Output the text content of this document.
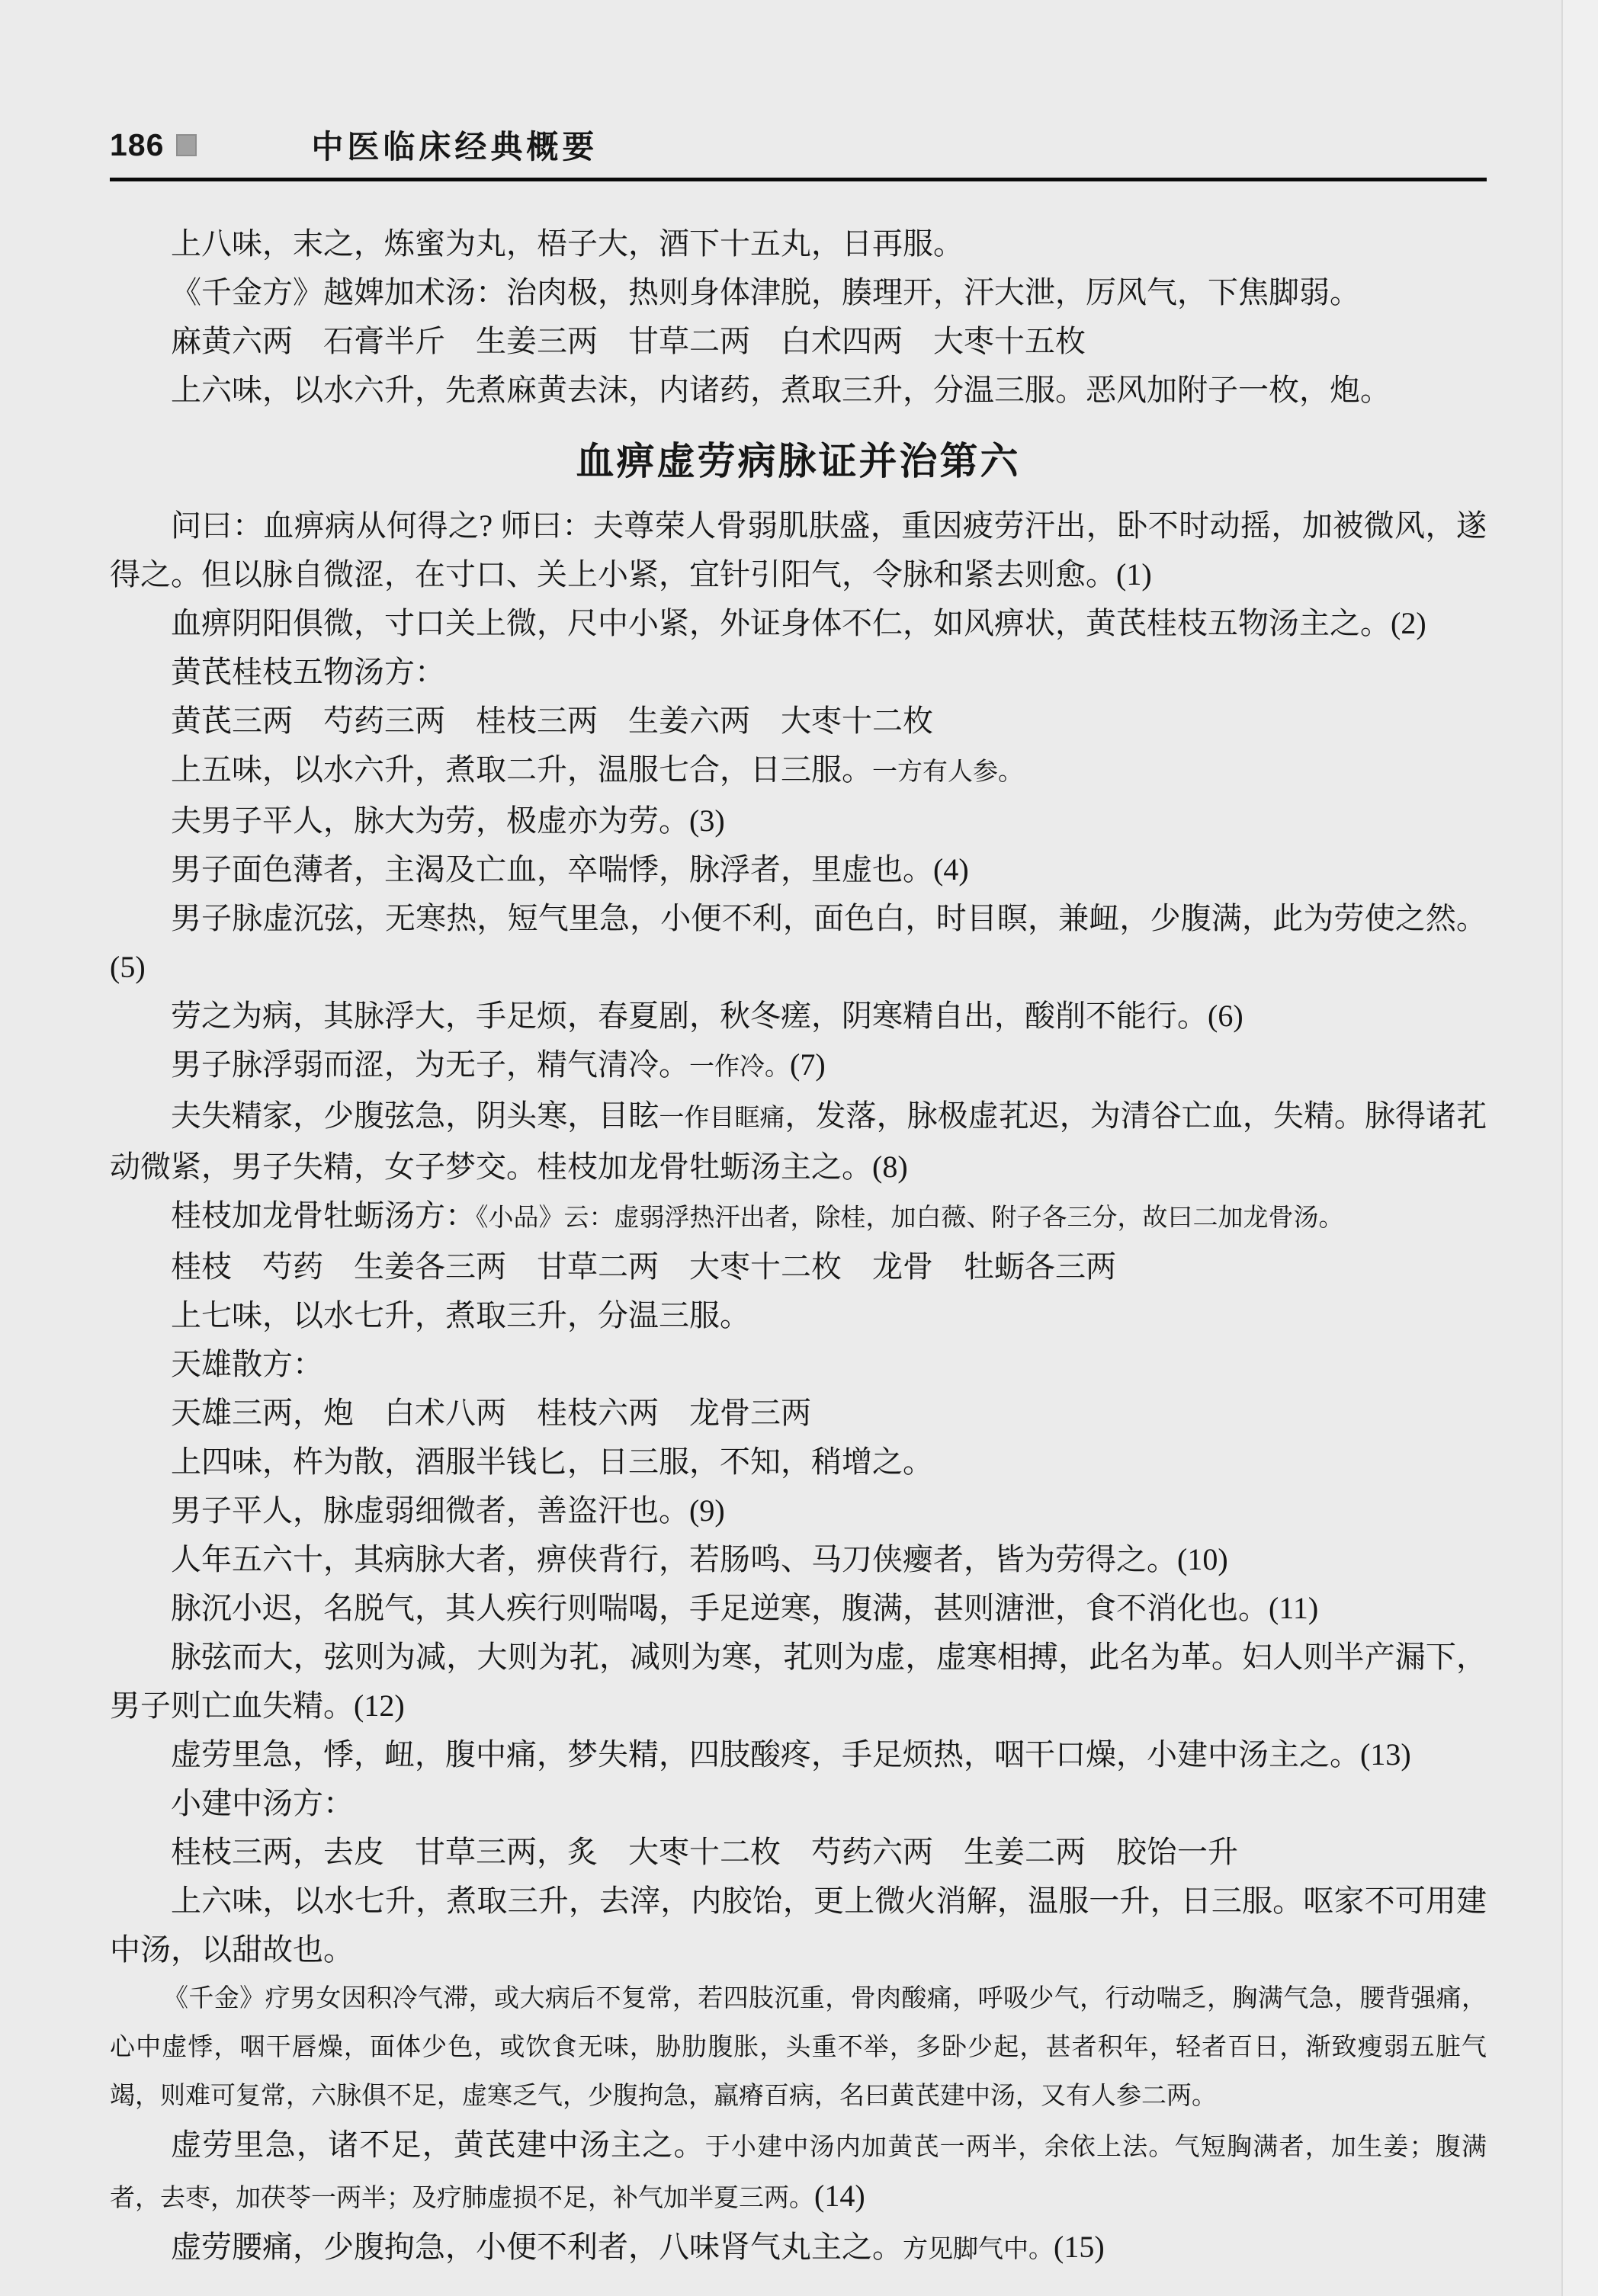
186	中医临床经典概要

上八味，末之，炼蜜为丸，梧子大，酒下十五丸，日再服。

《千金方》越婢加术汤：治肉极，热则身体津脱，腠理开，汗大泄，厉风气，下焦脚弱。

麻黄六两　石膏半斤　生姜三两　甘草二两　白术四两　大枣十五枚

上六味，以水六升，先煮麻黄去沫，内诸药，煮取三升，分温三服。恶风加附子一枚，炮。

血痹虚劳病脉证并治第六

问曰：血痹病从何得之? 师曰：夫尊荣人骨弱肌肤盛，重因疲劳汗出，卧不时动摇，加被微风，遂得之。但以脉自微涩，在寸口、关上小紧，宜针引阳气，令脉和紧去则愈。(1)

血痹阴阳俱微，寸口关上微，尺中小紧，外证身体不仁，如风痹状，黄芪桂枝五物汤主之。(2)

黄芪桂枝五物汤方：

黄芪三两　芍药三两　桂枝三两　生姜六两　大枣十二枚

上五味，以水六升，煮取二升，温服七合，日三服。一方有人参。

夫男子平人，脉大为劳，极虚亦为劳。(3)

男子面色薄者，主渴及亡血，卒喘悸，脉浮者，里虚也。(4)

男子脉虚沉弦，无寒热，短气里急，小便不利，面色白，时目瞑，兼衄，少腹满，此为劳使之然。(5)

劳之为病，其脉浮大，手足烦，春夏剧，秋冬瘥，阴寒精自出，酸削不能行。(6)

男子脉浮弱而涩，为无子，精气清冷。一作冷。(7)

夫失精家，少腹弦急，阴头寒，目眩一作目眶痛，发落，脉极虚芤迟，为清谷亡血，失精。脉得诸芤动微紧，男子失精，女子梦交。桂枝加龙骨牡蛎汤主之。(8)

桂枝加龙骨牡蛎汤方：《小品》云：虚弱浮热汗出者，除桂，加白薇、附子各三分，故曰二加龙骨汤。

桂枝　芍药　生姜各三两　甘草二两　大枣十二枚　龙骨　牡蛎各三两

上七味，以水七升，煮取三升，分温三服。

天雄散方：

天雄三两，炮　白术八两　桂枝六两　龙骨三两

上四味，杵为散，酒服半钱匕，日三服，不知，稍增之。

男子平人，脉虚弱细微者，善盗汗也。(9)

人年五六十，其病脉大者，痹侠背行，若肠鸣、马刀侠瘿者，皆为劳得之。(10)

脉沉小迟，名脱气，其人疾行则喘喝，手足逆寒，腹满，甚则溏泄，食不消化也。(11)

脉弦而大，弦则为减，大则为芤，减则为寒，芤则为虚，虚寒相搏，此名为革。妇人则半产漏下，男子则亡血失精。(12)

虚劳里急，悸，衄，腹中痛，梦失精，四肢酸疼，手足烦热，咽干口燥，小建中汤主之。(13)

小建中汤方：

桂枝三两，去皮　甘草三两，炙　大枣十二枚　芍药六两　生姜二两　胶饴一升

上六味，以水七升，煮取三升，去滓，内胶饴，更上微火消解，温服一升，日三服。呕家不可用建中汤，以甜故也。

《千金》疗男女因积冷气滞，或大病后不复常，若四肢沉重，骨肉酸痛，呼吸少气，行动喘乏，胸满气急，腰背强痛，心中虚悸，咽干唇燥，面体少色，或饮食无味，胁肋腹胀，头重不举，多卧少起，甚者积年，轻者百日，渐致瘦弱五脏气竭，则难可复常，六脉俱不足，虚寒乏气，少腹拘急，羸瘠百病，名曰黄芪建中汤，又有人参二两。

虚劳里急，诸不足，黄芪建中汤主之。于小建中汤内加黄芪一两半，余依上法。气短胸满者，加生姜；腹满者，去枣，加茯苓一两半；及疗肺虚损不足，补气加半夏三两。(14)

虚劳腰痛，少腹拘急，小便不利者，八味肾气丸主之。方见脚气中。(15)
